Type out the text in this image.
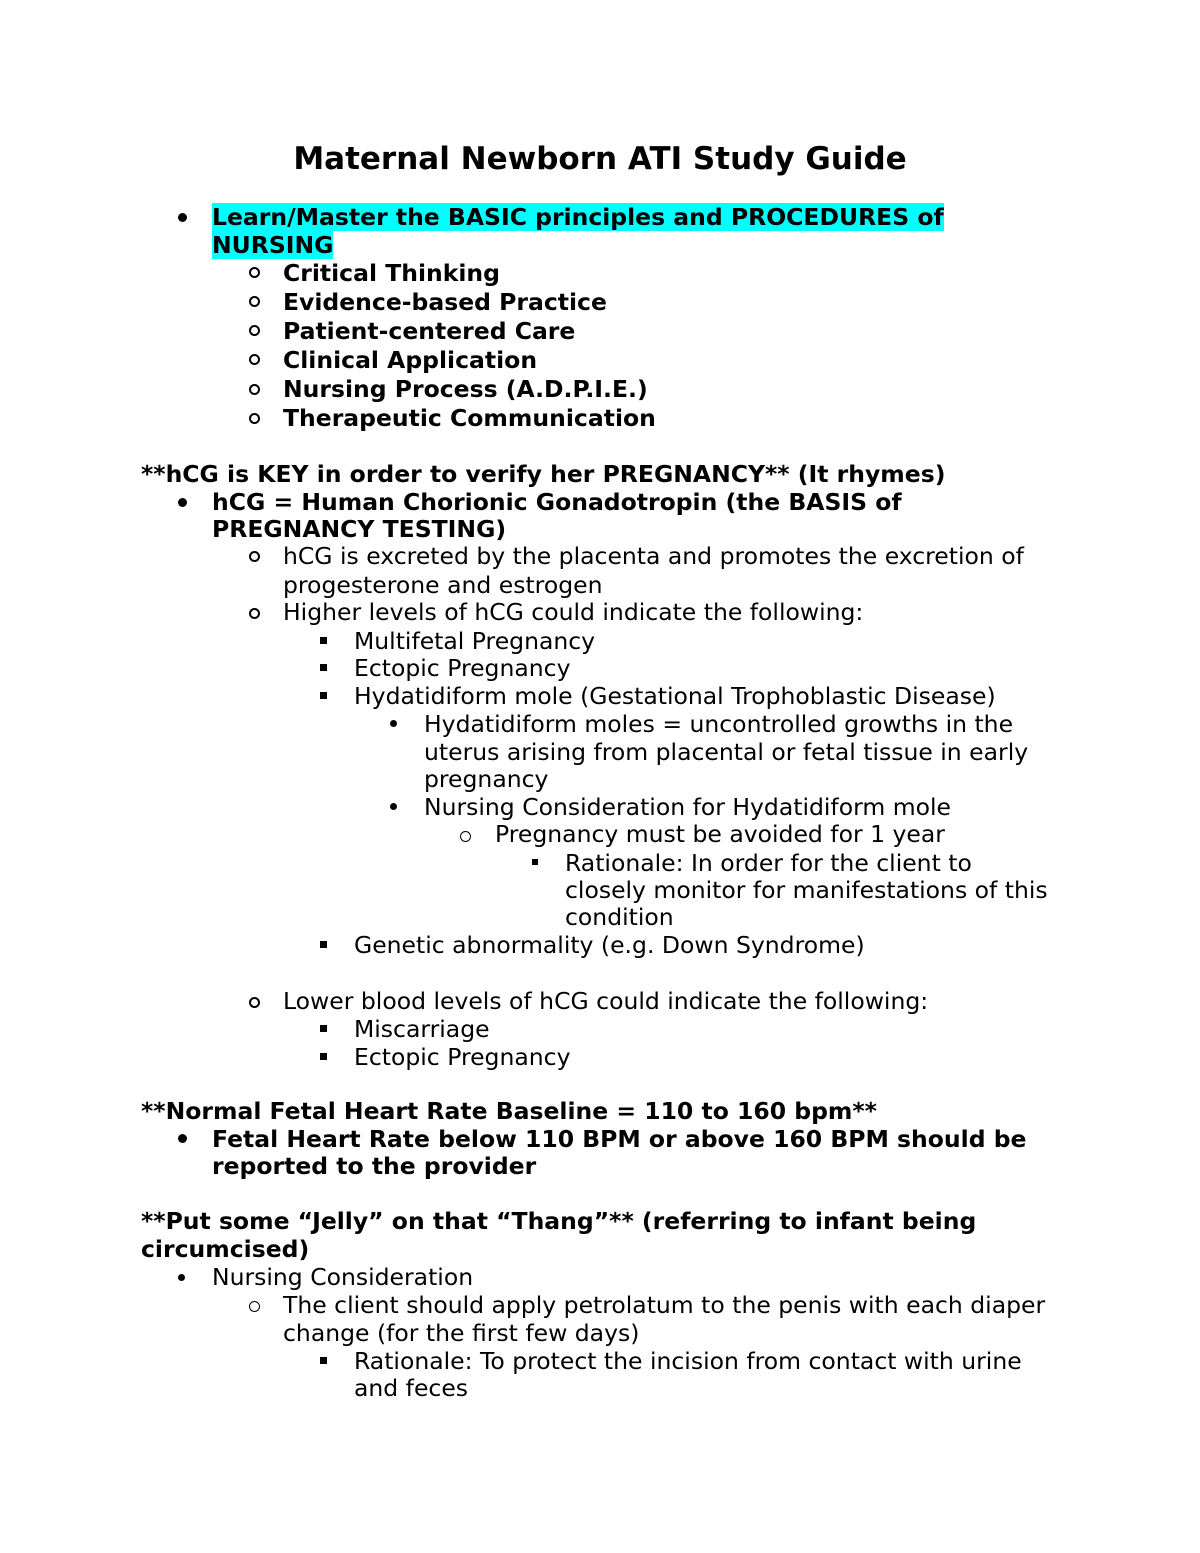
Maternal Newborn ATI Study Guide

Learn/Master the BASIC principles and PROCEDURES of

NURSING

Critical Thinking

Evidence-based Practice

Patient-centered Care

Clinical Application

Nursing Process (A.D.P.I.E.)

Therapeutic Communication

**hCG is KEY in order to verify her PREGNANCY** (It rhymes)

hCG = Human Chorionic Gonadotropin (the BASIS of

PREGNANCY TESTING)

hCG is excreted by the placenta and promotes the excretion of

progesterone and estrogen

Higher levels of hCG could indicate the following:

Multifetal Pregnancy

Ectopic Pregnancy

Hydatidiform mole (Gestational Trophoblastic Disease)

Hydatidiform moles = uncontrolled growths in the

uterus arising from placental or fetal tissue in early

pregnancy

Nursing Consideration for Hydatidiform mole

Pregnancy must be avoided for 1 year

Rationale: In order for the client to

closely monitor for manifestations of this

condition

Genetic abnormality (e.g. Down Syndrome)

Lower blood levels of hCG could indicate the following:

Miscarriage

Ectopic Pregnancy

**Normal Fetal Heart Rate Baseline = 110 to 160 bpm**

Fetal Heart Rate below 110 BPM or above 160 BPM should be

reported to the provider

**Put some “Jelly” on that “Thang”** (referring to infant being

circumcised)

Nursing Consideration

The client should apply petrolatum to the penis with each diaper

change (for the first few days)

Rationale: To protect the incision from contact with urine

and feces
